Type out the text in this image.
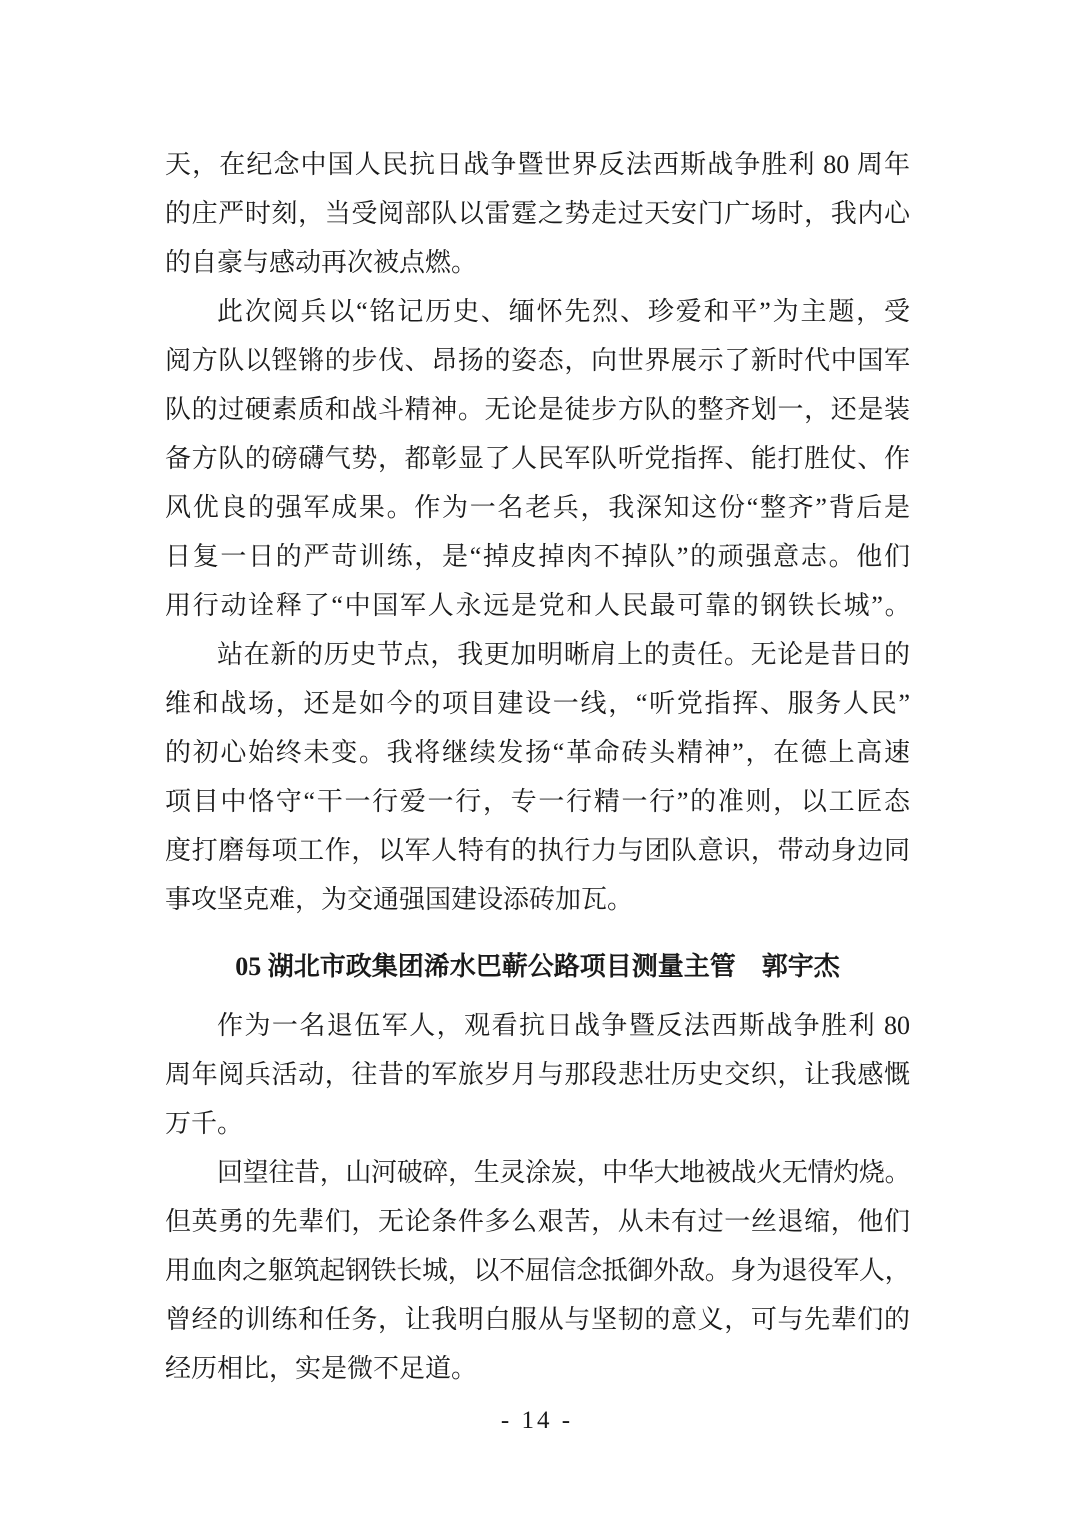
天，在纪念中国人民抗日战争暨世界反法西斯战争胜利 80 周年
的庄严时刻，当受阅部队以雷霆之势走过天安门广场时，我内心
的自豪与感动再次被点燃。
此次阅兵以“铭记历史、缅怀先烈、珍爱和平”为主题，受
阅方队以铿锵的步伐、昂扬的姿态，向世界展示了新时代中国军
队的过硬素质和战斗精神。无论是徒步方队的整齐划一，还是装
备方队的磅礴气势，都彰显了人民军队听党指挥、能打胜仗、作
风优良的强军成果。作为一名老兵，我深知这份“整齐”背后是
日复一日的严苛训练，是“掉皮掉肉不掉队”的顽强意志。他们
用行动诠释了“中国军人永远是党和人民最可靠的钢铁长城”。
站在新的历史节点，我更加明晰肩上的责任。无论是昔日的
维和战场，还是如今的项目建设一线，“听党指挥、服务人民”
的初心始终未变。我将继续发扬“革命砖头精神”，在德上高速
项目中恪守“干一行爱一行，专一行精一行”的准则，以工匠态
度打磨每项工作，以军人特有的执行力与团队意识，带动身边同
事攻坚克难，为交通强国建设添砖加瓦。
05 湖北市政集团浠水巴蕲公路项目测量主管　郭宇杰
作为一名退伍军人，观看抗日战争暨反法西斯战争胜利 80
周年阅兵活动，往昔的军旅岁月与那段悲壮历史交织，让我感慨
万千。
回望往昔，山河破碎，生灵涂炭，中华大地被战火无情灼烧。
但英勇的先辈们，无论条件多么艰苦，从未有过一丝退缩，他们
用血肉之躯筑起钢铁长城，以不屈信念抵御外敌。身为退役军人，
曾经的训练和任务，让我明白服从与坚韧的意义，可与先辈们的
经历相比，实是微不足道。
- 14 -
